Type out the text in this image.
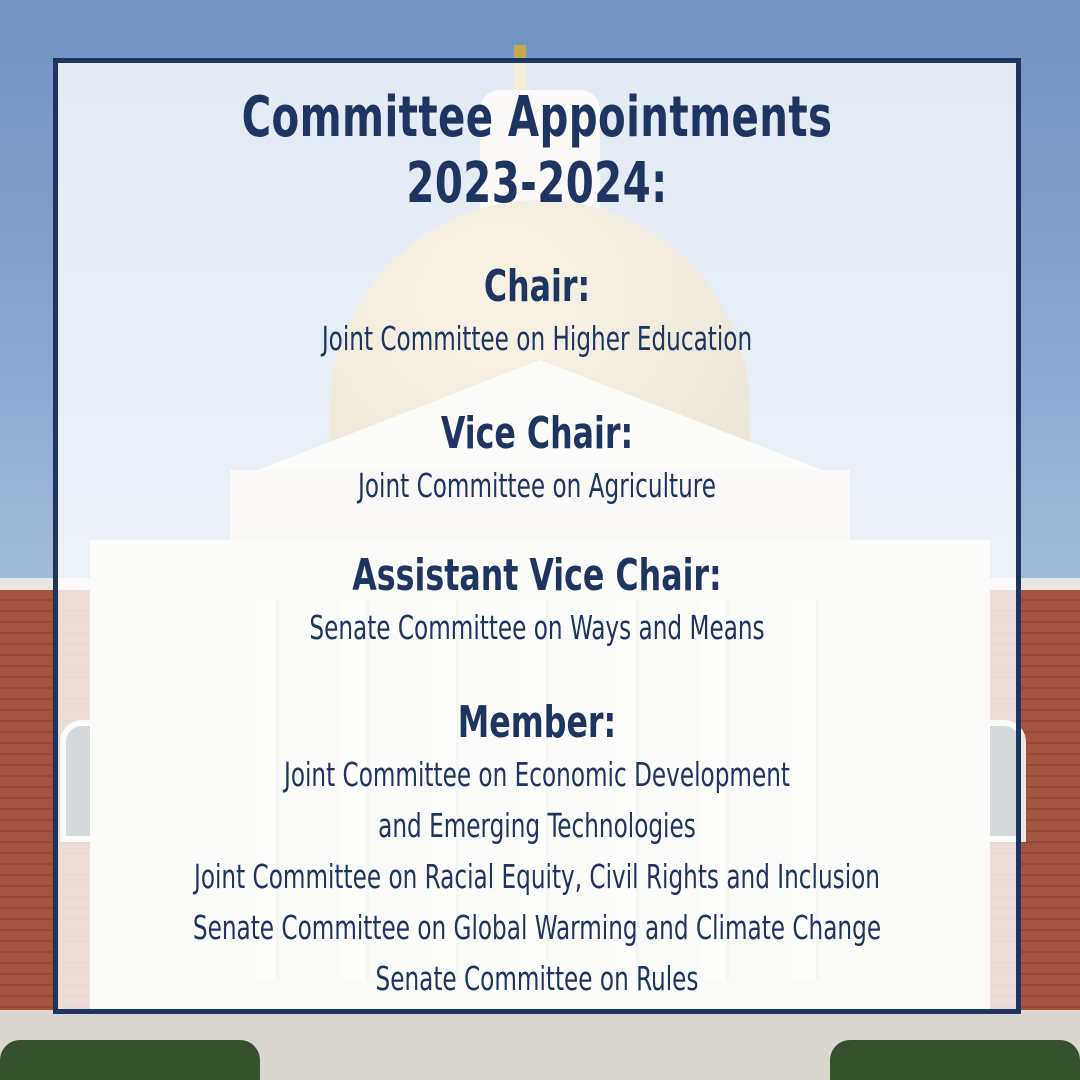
Committee Appointments
2023-2024:
Chair:
Joint Committee on Higher Education
Vice Chair:
Joint Committee on Agriculture
Assistant Vice Chair:
Senate Committee on Ways and Means
Member:
Joint Committee on Economic Development
and Emerging Technologies
Joint Committee on Racial Equity, Civil Rights and Inclusion
Senate Committee on Global Warming and Climate Change
Senate Committee on Rules
